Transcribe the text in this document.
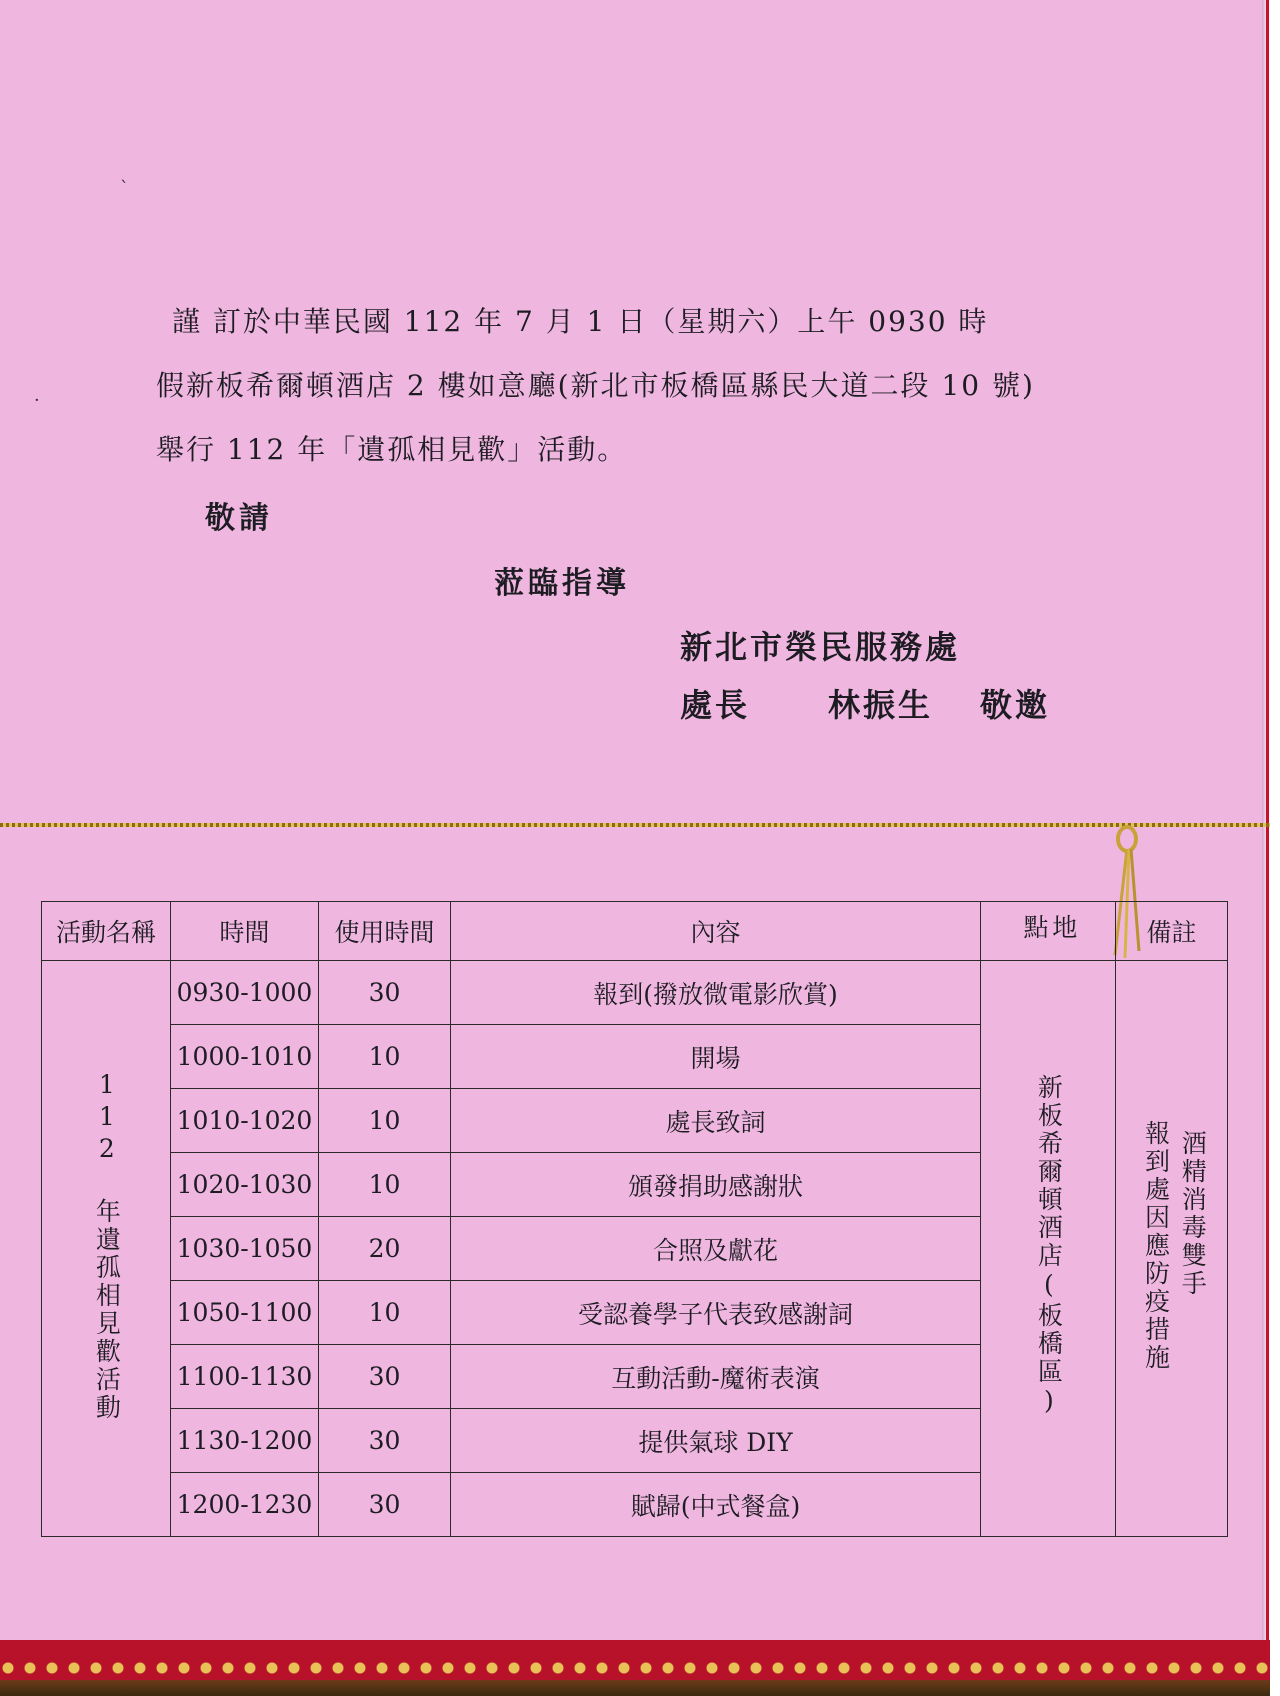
ˋ
·
謹 訂於中華民國 112 年 7 月 1 日（星期六）上午 0930 時
假新板希爾頓酒店 2 樓如意廳(新北市板橋區縣民大道二段 10 號)
舉行 112 年「遺孤相見歡」活動。
敬請
蒞臨指導
新北市榮民服務處
處長 林振生 敬邀
活動名稱	時間	使用時間	內容	地點	備註
112 年遺孤相見歡活動	0930-1000	30	報到(撥放微電影欣賞)	新板希爾頓酒店(板橋區)	報到處因應防疫措施 酒精消毒雙手
	1000-1010	10	開場		
	1010-1020	10	處長致詞		
	1020-1030	10	頒發捐助感謝狀		
	1030-1050	20	合照及獻花		
	1050-1100	10	受認養學子代表致感謝詞		
	1100-1130	30	互動活動-魔術表演		
	1130-1200	30	提供氣球 DIY		
	1200-1230	30	賦歸(中式餐盒)		
